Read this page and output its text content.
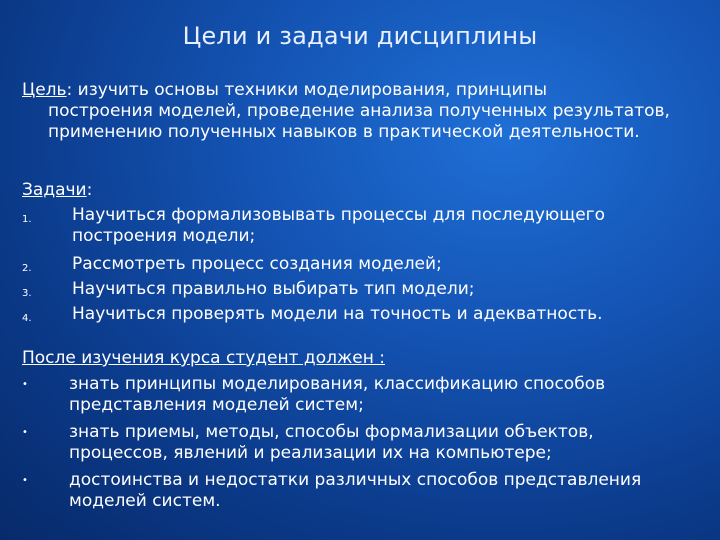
Цели и задачи дисциплины
Цель: изучить основы техники моделирования, принципы
построения моделей, проведение анализа полученных результатов, применению полученных навыков в практической деятельности.
Задачи:
1.	Научиться формализовывать процессы для последующего построения модели;
2.	Рассмотреть процесс создания моделей;
3.	Научиться правильно выбирать тип модели;
4.	Научиться проверять модели на точность и адекватность.
После изучения курса студент должен :
• знать принципы моделирования, классификацию способов представления моделей систем;
• знать приемы, методы, способы формализации объектов, процессов, явлений и реализации их на компьютере;
• достоинства и недостатки различных способов представления моделей систем.
